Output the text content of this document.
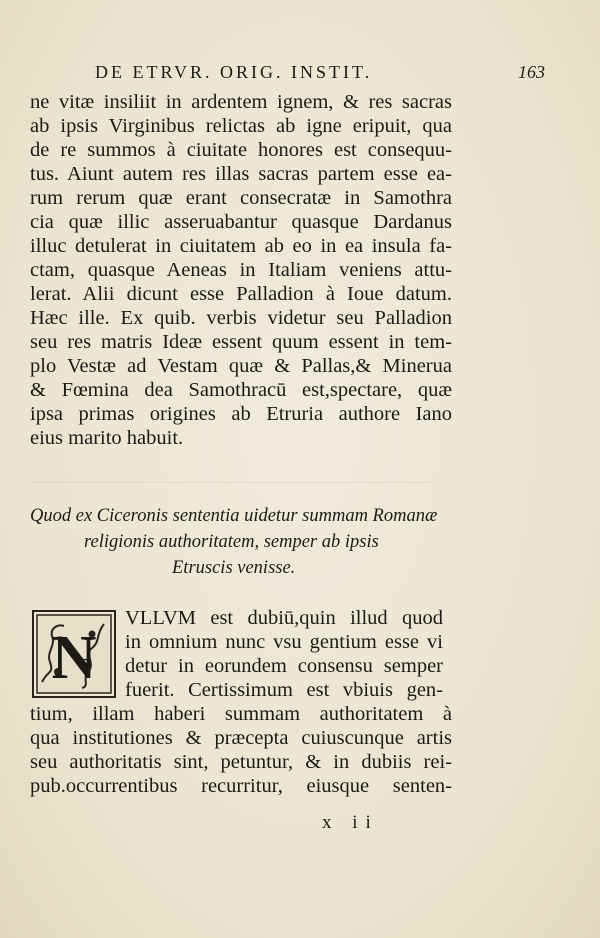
DE ETRVR. ORIG. INSTIT.	163
ne vitæ insiliit in ardentem ignem, & res sacras
ab ipsis Virginibus relictas ab igne eripuit, qua
de re summos à ciuitate honores est consequu-
tus. Aiunt autem res illas sacras partem esse ea-
rum rerum quæ erant consecratæ in Samothra
cia quæ illic asseruabantur quasque Dardanus
illuc detulerat in ciuitatem ab eo in ea insula fa-
ctam, quasque Aeneas in Italiam veniens attu-
lerat. Alii dicunt esse Palladion à Ioue datum.
Hæc ille. Ex quib. verbis videtur seu Palladion
seu res matris Ideæ essent quum essent in tem-
plo Vestæ ad Vestam quæ & Pallas,& Minerua
& Fœmina dea Samothracū est,spectare, quæ
ipsa primas origines ab Etruria authore Iano
eius marito habuit.
Quod ex Ciceronis sententia uidetur summam Romanæ
religionis authoritatem, semper ab ipsis
Etruscis venisse.
N
VLLVM est dubiū,quin illud quod
in omnium nunc vsu gentium esse vi
detur in eorundem consensu semper
fuerit. Certissimum est vbiuis gen-
tium, illam haberi summam authoritatem à
qua institutiones & præcepta cuiuscunque artis
seu authoritatis sint, petuntur, & in dubiis rei-
pub.occurrentibus recurritur, eiusque senten-
x ii
